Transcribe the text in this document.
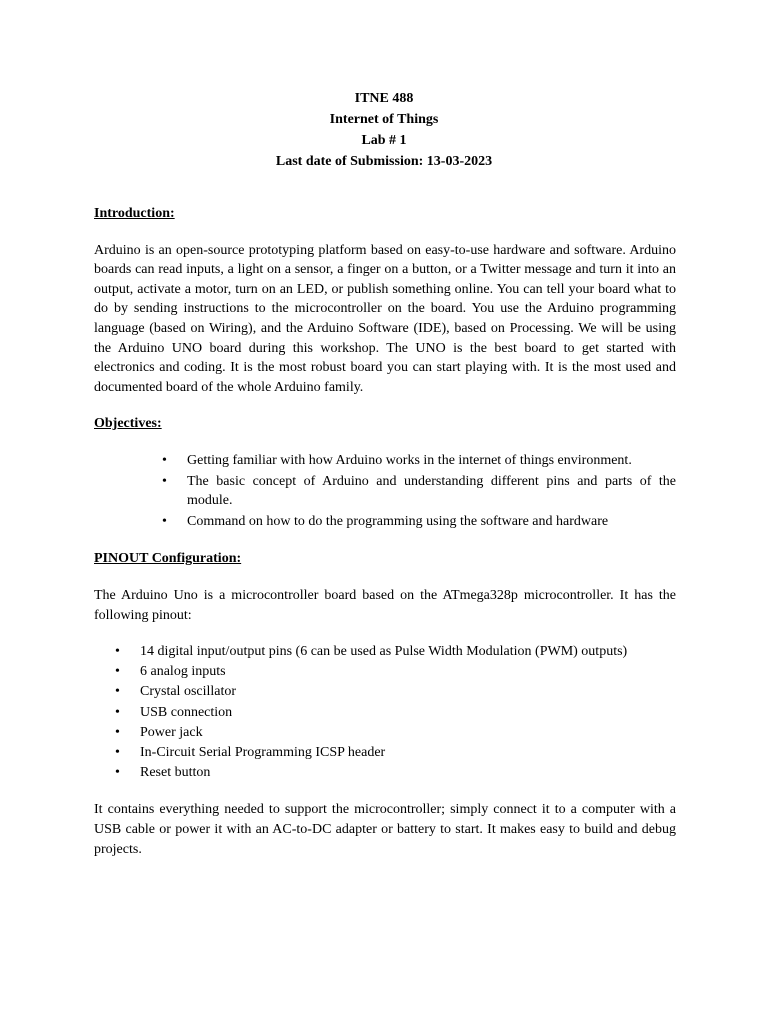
ITNE 488
Internet of Things
Lab # 1
Last date of Submission: 13-03-2023
Introduction:

Arduino is an open-source prototyping platform based on easy-to-use hardware and software. Arduino boards can read inputs, a light on a sensor, a finger on a button, or a Twitter message and turn it into an output, activate a motor, turn on an LED, or publish something online. You can tell your board what to do by sending instructions to the microcontroller on the board. You use the Arduino programming language (based on Wiring), and the Arduino Software (IDE), based on Processing. We will be using the Arduino UNO board during this workshop. The UNO is the best board to get started with electronics and coding. It is the most robust board you can start playing with. It is the most used and documented board of the whole Arduino family.

Objectives:
• Getting familiar with how Arduino works in the internet of things environment.
• The basic concept of Arduino and understanding different pins and parts of the module.
• Command on how to do the programming using the software and hardware
PINOUT Configuration:

The Arduino Uno is a microcontroller board based on the ATmega328p microcontroller. It has the following pinout:

• 14 digital input/output pins (6 can be used as Pulse Width Modulation (PWM) outputs)
• 6 analog inputs
• Crystal oscillator
• USB connection
• Power jack
• In-Circuit Serial Programming ICSP header
• Reset button

It contains everything needed to support the microcontroller; simply connect it to a computer with a USB cable or power it with an AC-to-DC adapter or battery to start. It makes easy to build and debug projects.
